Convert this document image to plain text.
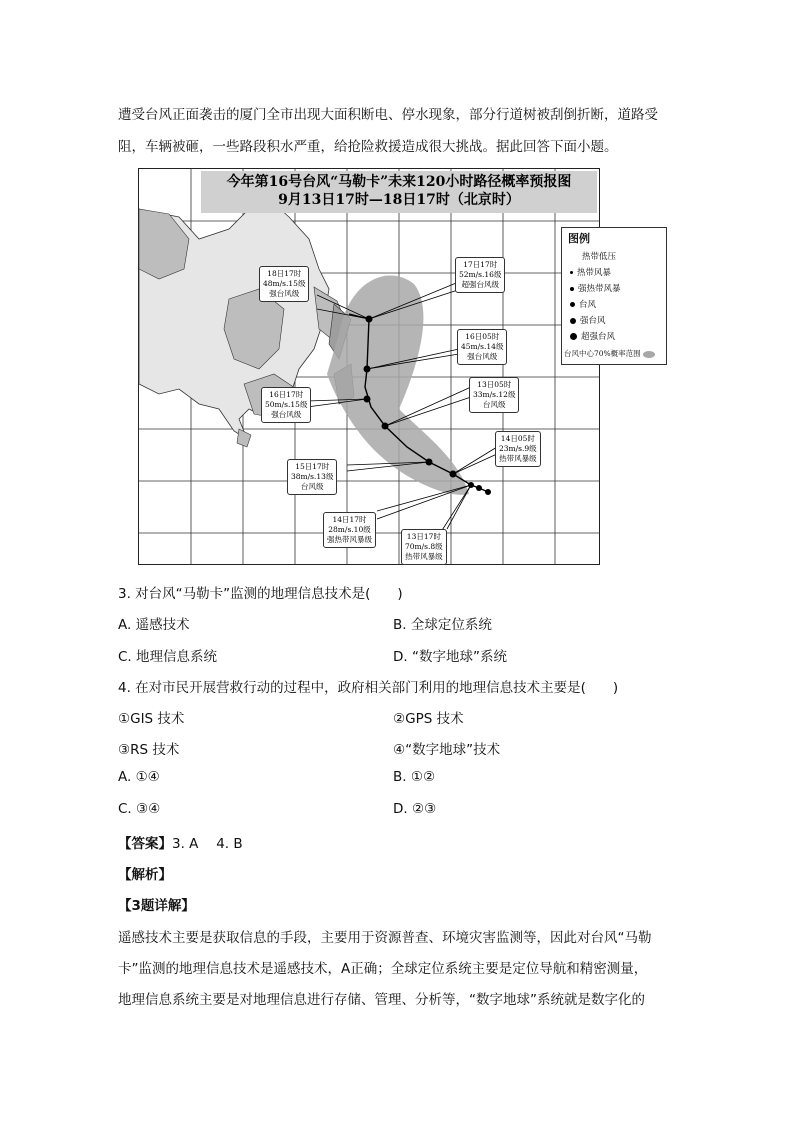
遭受台风正面袭击的厦门全市出现大面积断电、停水现象，部分行道树被刮倒折断，道路受
阻，车辆被砸，一些路段积水严重，给抢险救援造成很大挑战。据此回答下面小题。
今年第16号台风“马勒卡”未来120小时路径概率预报图
9月13日17时—18日17时（北京时）
18日17时
48m/s.15级
强台风级
17日17时
52m/s.16级
超强台风级
16日05时
45m/s.14级
强台风级
16日17时
50m/s.15级
强台风级
13日05时
33m/s.12级
台风级
14日05时
23m/s.9级
热带风暴级
15日17时
38m/s.13级
台风级
14日17时
28m/s.10级
强热带风暴级	13日17时
70m/s.8级
热带风暴级
图例
热带低压
热带风暴
强热带风暴
台风
强台风
超强台风
台风中心70%概率范围
3. 对台风“马勒卡”监测的地理信息技术是(　　)
A. 遥感技术	B. 全球定位系统
C. 地理信息系统	D. “数字地球”系统
4. 在对市民开展营救行动的过程中，政府相关部门利用的地理信息技术主要是(　　)
①GIS 技术	②GPS 技术
③RS 技术	④“数字地球”技术
A. ①④	B. ①②
C. ③④	D. ②③
【答案】3. A　 4. B
【解析】
【3题详解】
遥感技术主要是获取信息的手段，主要用于资源普查、环境灾害监测等，因此对台风“马勒
卡”监测的地理信息技术是遥感技术，A正确；全球定位系统主要是定位导航和精密测量，
地理信息系统主要是对地理信息进行存储、管理、分析等，“数字地球”系统就是数字化的
